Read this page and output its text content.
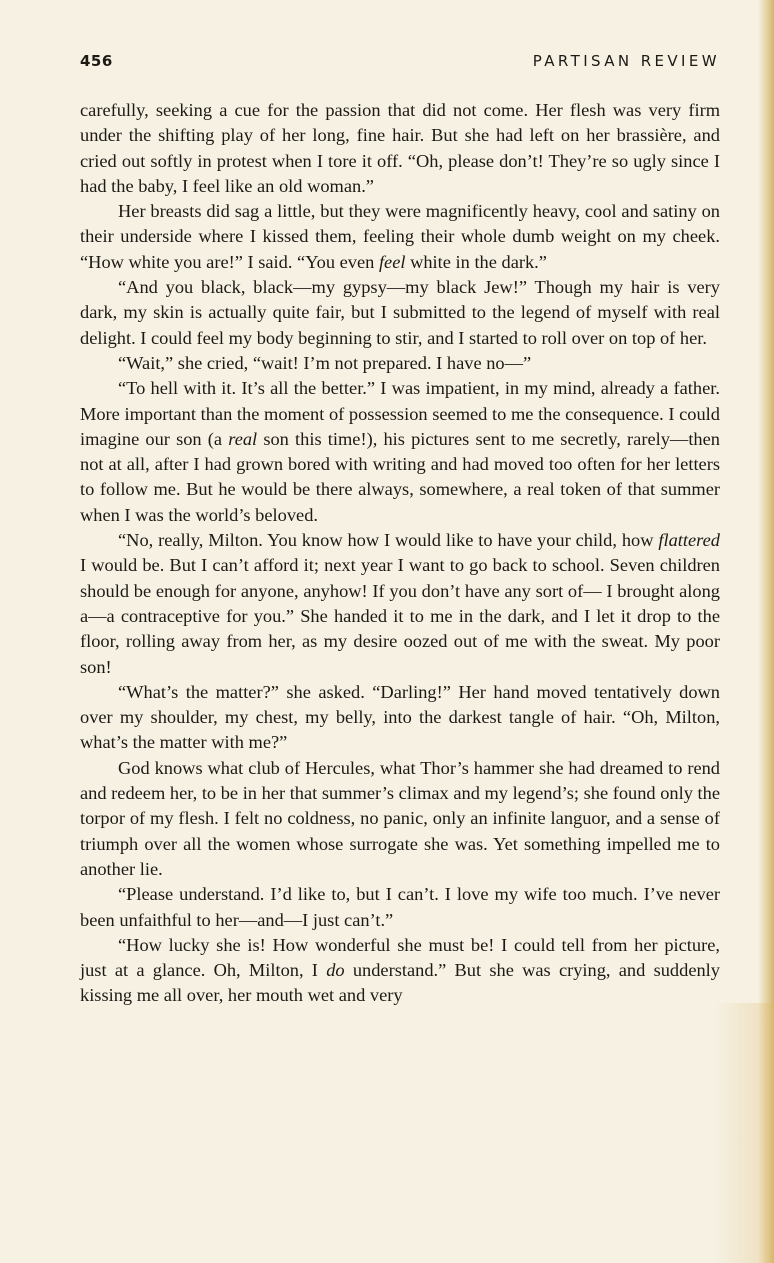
456	PARTISAN REVIEW

carefully, seeking a cue for the passion that did not come. Her flesh was very firm under the shifting play of her long, fine hair. But she had left on her brassière, and cried out softly in protest when I tore it off. “Oh, please don’t! They’re so ugly since I had the baby, I feel like an old woman.”

Her breasts did sag a little, but they were magnificently heavy, cool and satiny on their underside where I kissed them, feeling their whole dumb weight on my cheek. “How white you are!” I said. “You even feel white in the dark.”

“And you black, black—my gypsy—my black Jew!” Though my hair is very dark, my skin is actually quite fair, but I submitted to the legend of myself with real delight. I could feel my body beginning to stir, and I started to roll over on top of her.

“Wait,” she cried, “wait! I’m not prepared. I have no—”

“To hell with it. It’s all the better.” I was impatient, in my mind, already a father. More important than the moment of possession seemed to me the consequence. I could imagine our son (a real son this time!), his pictures sent to me secretly, rarely—then not at all, after I had grown bored with writing and had moved too often for her letters to follow me. But he would be there always, somewhere, a real token of that summer when I was the world’s beloved.

“No, really, Milton. You know how I would like to have your child, how flattered I would be. But I can’t afford it; next year I want to go back to school. Seven children should be enough for anyone, anyhow! If you don’t have any sort of— I brought along a—a contraceptive for you.” She handed it to me in the dark, and I let it drop to the floor, rolling away from her, as my desire oozed out of me with the sweat. My poor son!

“What’s the matter?” she asked. “Darling!” Her hand moved tentatively down over my shoulder, my chest, my belly, into the darkest tangle of hair. “Oh, Milton, what’s the matter with me?”

God knows what club of Hercules, what Thor’s hammer she had dreamed to rend and redeem her, to be in her that summer’s climax and my legend’s; she found only the torpor of my flesh. I felt no coldness, no panic, only an infinite languor, and a sense of triumph over all the women whose surrogate she was. Yet something impelled me to another lie.

“Please understand. I’d like to, but I can’t. I love my wife too much. I’ve never been unfaithful to her—and—I just can’t.”

“How lucky she is! How wonderful she must be! I could tell from her picture, just at a glance. Oh, Milton, I do understand.” But she was crying, and suddenly kissing me all over, her mouth wet and very
